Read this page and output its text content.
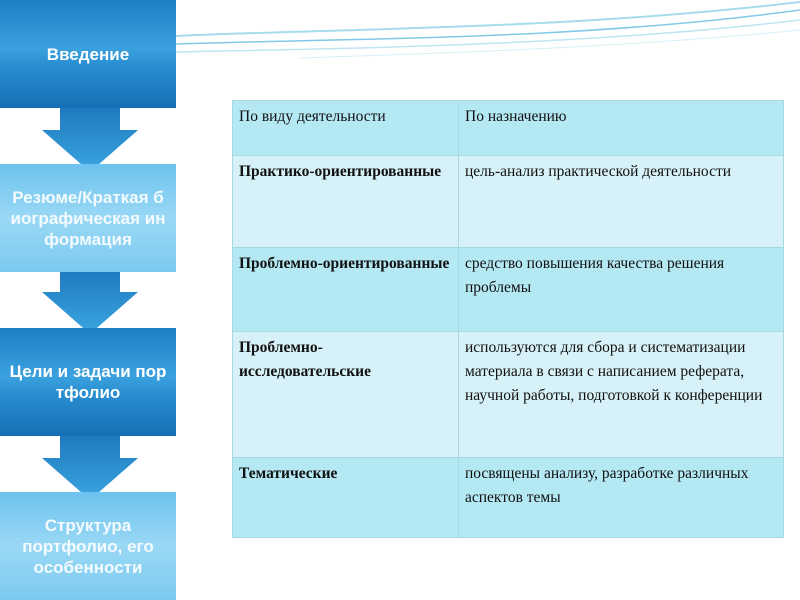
Введение
Резюме/Краткая биографическая информация
Цели и задачи портфолио
Структура портфолио, его особенности
По виду деятельности	По назначению
Практико-ориентированные	цель-анализ практической деятельности
Проблемно-ориентированные	средство повышения качества решения проблемы
Проблемно-исследовательские	используются для сбора и систематизации материала в связи с написанием реферата, научной работы, подготовкой к конференции
Тематические	посвящены анализу, разработке различных аспектов темы
